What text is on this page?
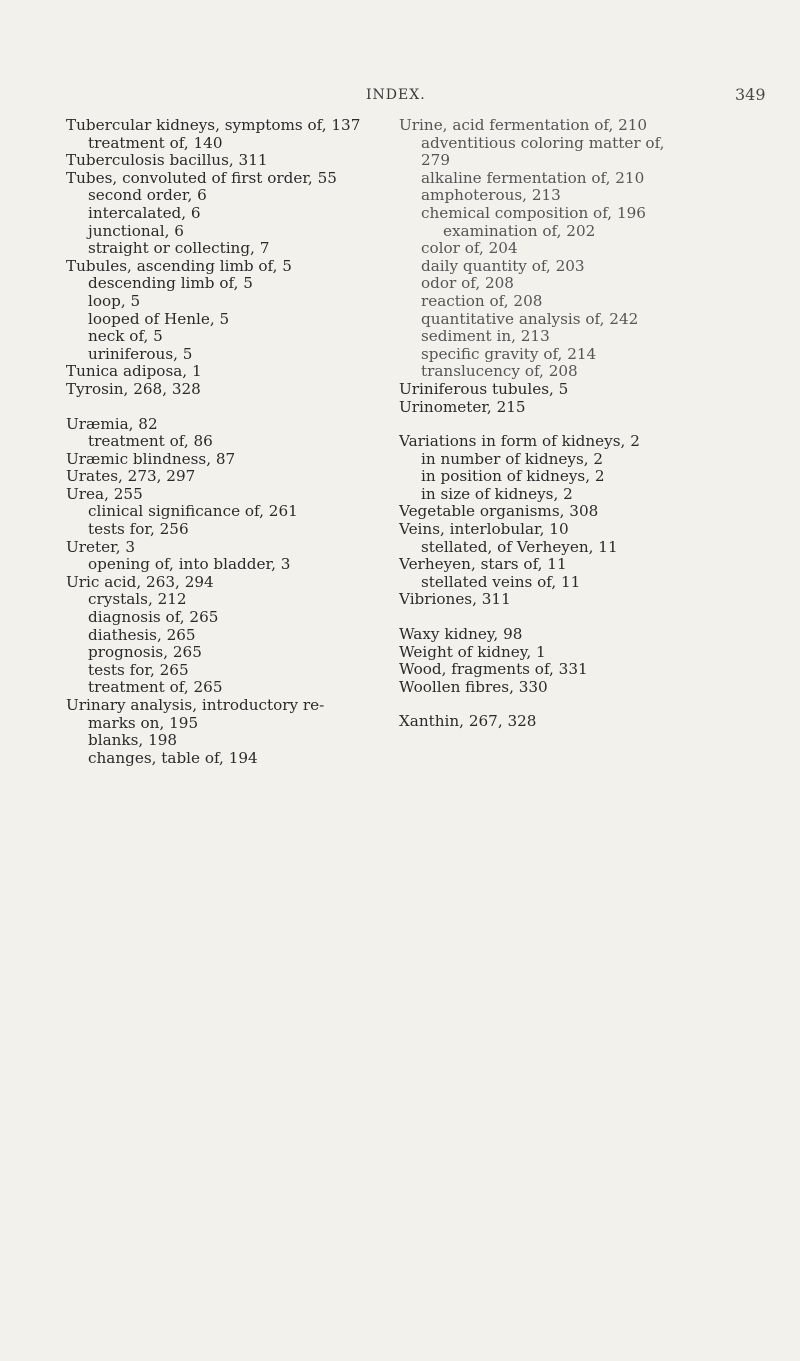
INDEX.	349
Tubercular kidneys, symptoms of, 137
treatment of, 140
Tuberculosis bacillus, 311
Tubes, convoluted of first order, 55
second order, 6
intercalated, 6
junctional, 6
straight or collecting, 7
Tubules, ascending limb of, 5
descending limb of, 5
loop, 5
looped of Henle, 5
neck of, 5
uriniferous, 5
Tunica adiposa, 1
Tyrosin, 268, 328
Uræmia, 82
treatment of, 86
Uræmic blindness, 87
Urates, 273, 297
Urea, 255
clinical significance of, 261
tests for, 256
Ureter, 3
opening of, into bladder, 3
Uric acid, 263, 294
crystals, 212
diagnosis of, 265
diathesis, 265
prognosis, 265
tests for, 265
treatment of, 265
Urinary analysis, introductory re-
marks on, 195
blanks, 198
changes, table of, 194
Urine, acid fermentation of, 210
adventitious coloring matter of,
279
alkaline fermentation of, 210
amphoterous, 213
chemical composition of, 196
examination of, 202
color of, 204
daily quantity of, 203
odor of, 208
reaction of, 208
quantitative analysis of, 242
sediment in, 213
specific gravity of, 214
translucency of, 208
Uriniferous tubules, 5
Urinometer, 215
Variations in form of kidneys, 2
in number of kidneys, 2
in position of kidneys, 2
in size of kidneys, 2
Vegetable organisms, 308
Veins, interlobular, 10
stellated, of Verheyen, 11
Verheyen, stars of, 11
stellated veins of, 11
Vibriones, 311
Waxy kidney, 98
Weight of kidney, 1
Wood, fragments of, 331
Woollen fibres, 330
Xanthin, 267, 328
